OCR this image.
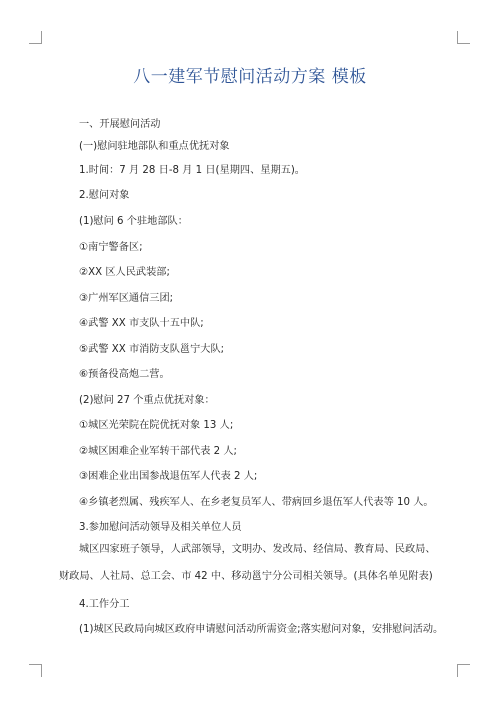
八一建军节慰问活动方案 模板
一、开展慰问活动
(一)慰问驻地部队和重点优抚对象
1.时间：7 月 28 日-8 月 1 日(星期四、星期五)。
2.慰问对象
(1)慰问 6 个驻地部队：
①南宁警备区;
②XX 区人民武装部;
③广州军区通信三团;
④武警 XX 市支队十五中队;
⑤武警 XX 市消防支队邕宁大队;
⑥预备役高炮二营。
(2)慰问 27 个重点优抚对象：
①城区光荣院在院优抚对象 13 人;
②城区困难企业军转干部代表 2 人;
③困难企业出国参战退伍军人代表 2 人;
④乡镇老烈属、残疾军人、在乡老复员军人、带病回乡退伍军人代表等 10 人。
3.参加慰问活动领导及相关单位人员

城区四家班子领导，人武部领导，文明办、发改局、经信局、教育局、民政局、财政局、人社局、总工会、市 42 中、移动邕宁分公司相关领导。(具体名单见附表)

4.工作分工
(1)城区民政局向城区政府申请慰问活动所需资金;落实慰问对象，安排慰问活动。
